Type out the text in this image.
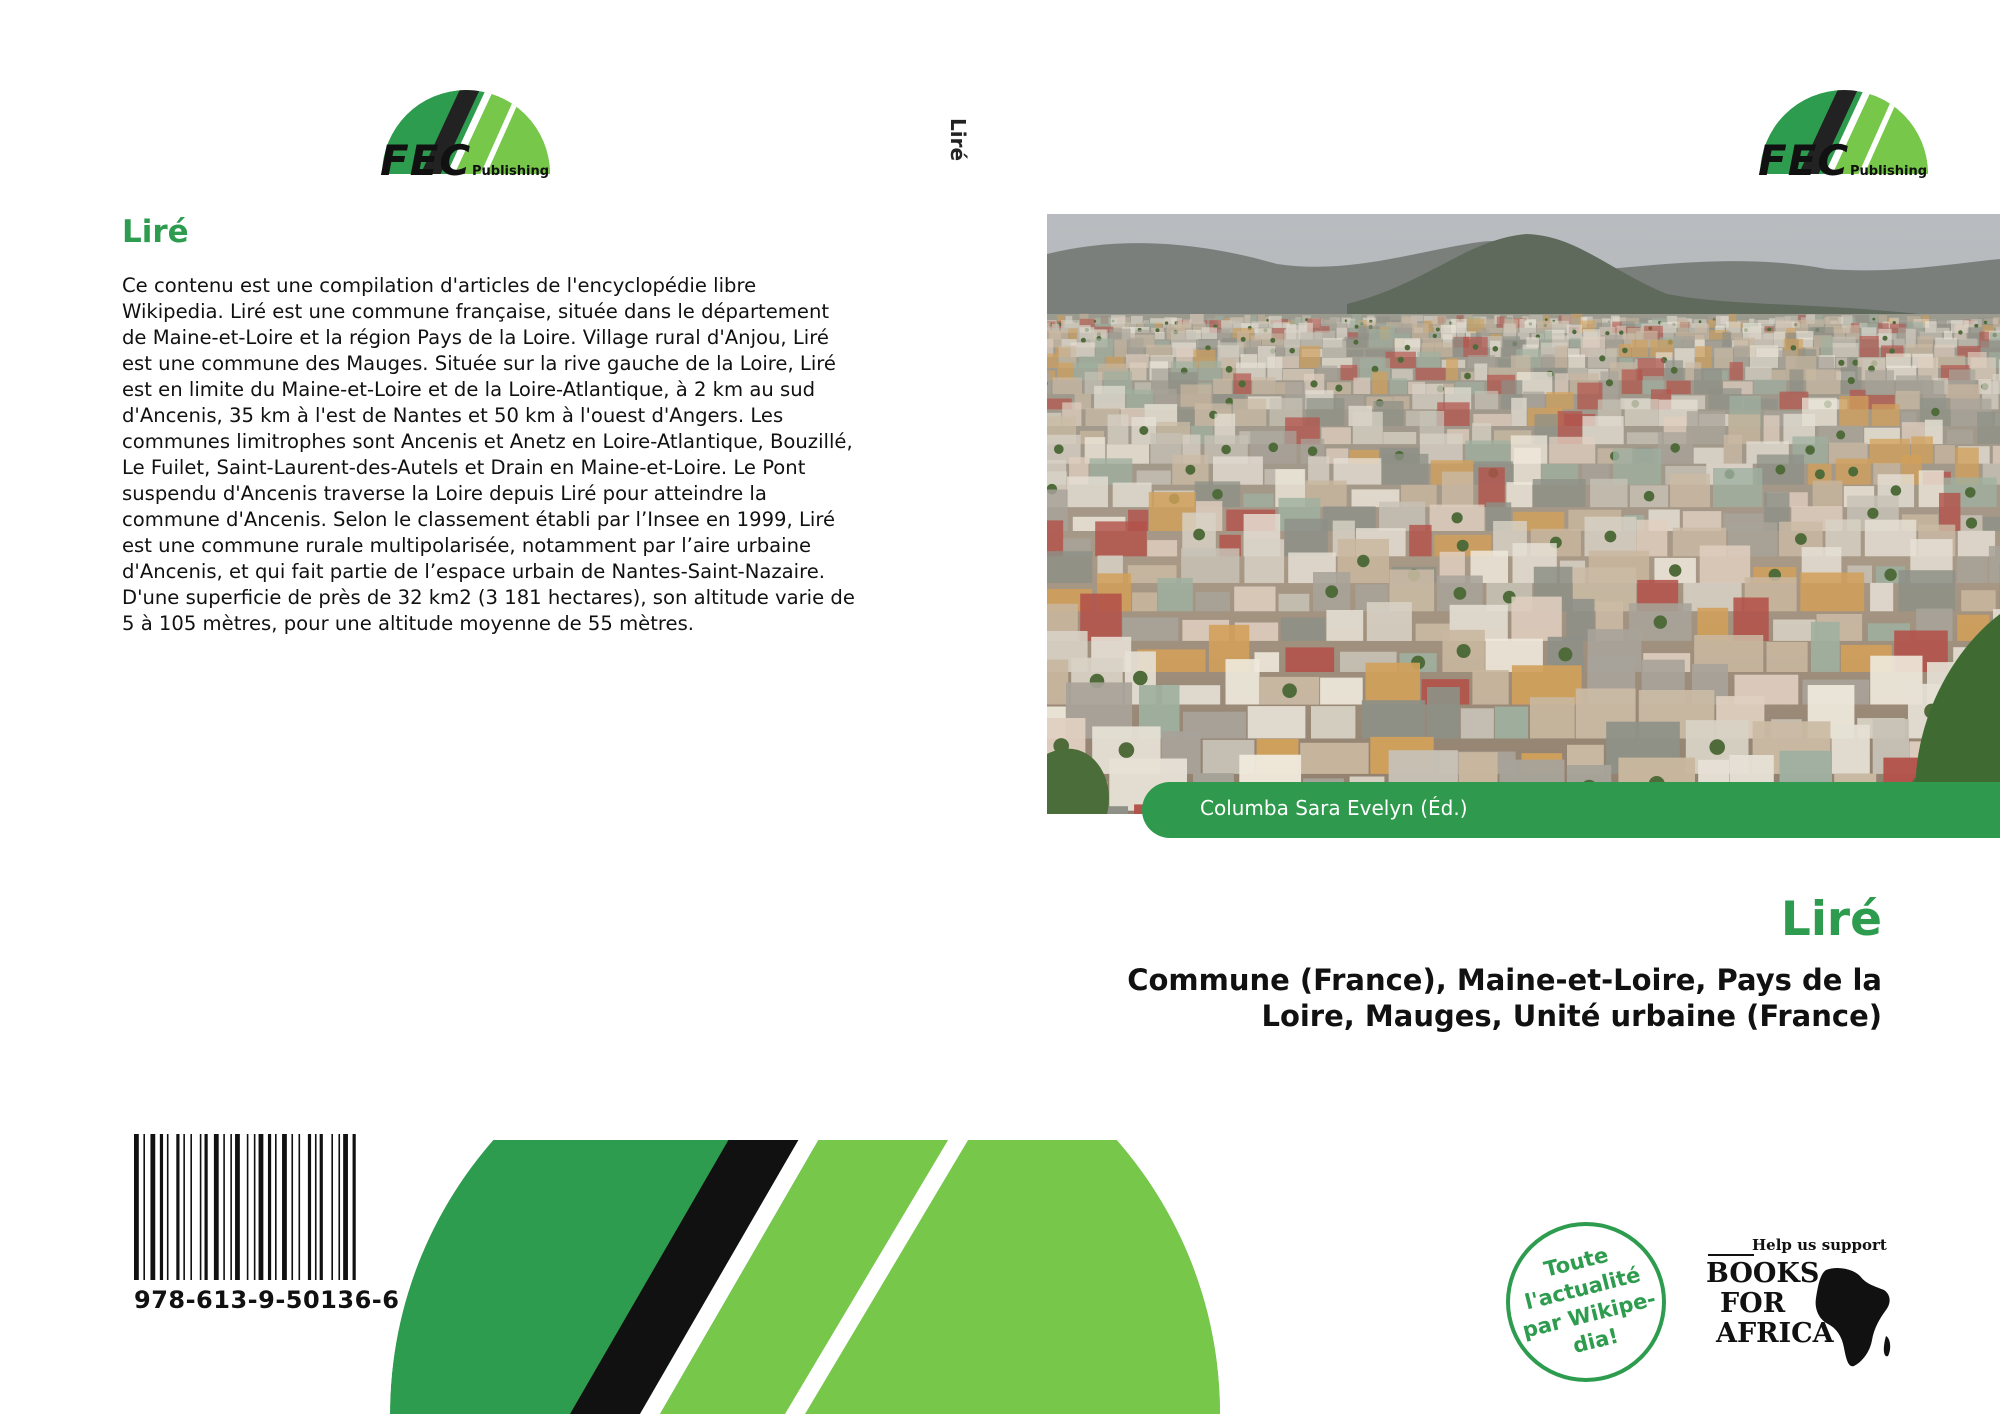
FEC Publishing
Liré
Ce contenu est une compilation d'articles de l'encyclopédie libre Wikipedia. Liré est une commune française, située dans le département de Maine-et-Loire et la région Pays de la Loire. Village rural d'Anjou, Liré est une commune des Mauges. Située sur la rive gauche de la Loire, Liré est en limite du Maine-et-Loire et de la Loire-Atlantique, à 2 km au sud d'Ancenis, 35 km à l'est de Nantes et 50 km à l'ouest d'Angers. Les communes limitrophes sont Ancenis et Anetz en Loire-Atlantique, Bouzillé, Le Fuilet, Saint-Laurent-des-Autels et Drain en Maine-et-Loire. Le Pont suspendu d'Ancenis traverse la Loire depuis Liré pour atteindre la commune d'Ancenis. Selon le classement établi par l’Insee en 1999, Liré est une commune rurale multipolarisée, notamment par l’aire urbaine d'Ancenis, et qui fait partie de l’espace urbain de Nantes-Saint-Nazaire. D'une superficie de près de 32 km2 (3 181 hectares), son altitude varie de 5 à 105 mètres, pour une altitude moyenne de 55 mètres.
978-613-9-50136-6
Liré	FEC Publishing
Columba Sara Evelyn (Éd.)
Liré
Commune (France), Maine-et-Loire, Pays de la Loire, Mauges, Unité urbaine (France)
Toute l'actualité par Wikipe-dia!
Help us support
BOOKS
FOR
AFRICA
